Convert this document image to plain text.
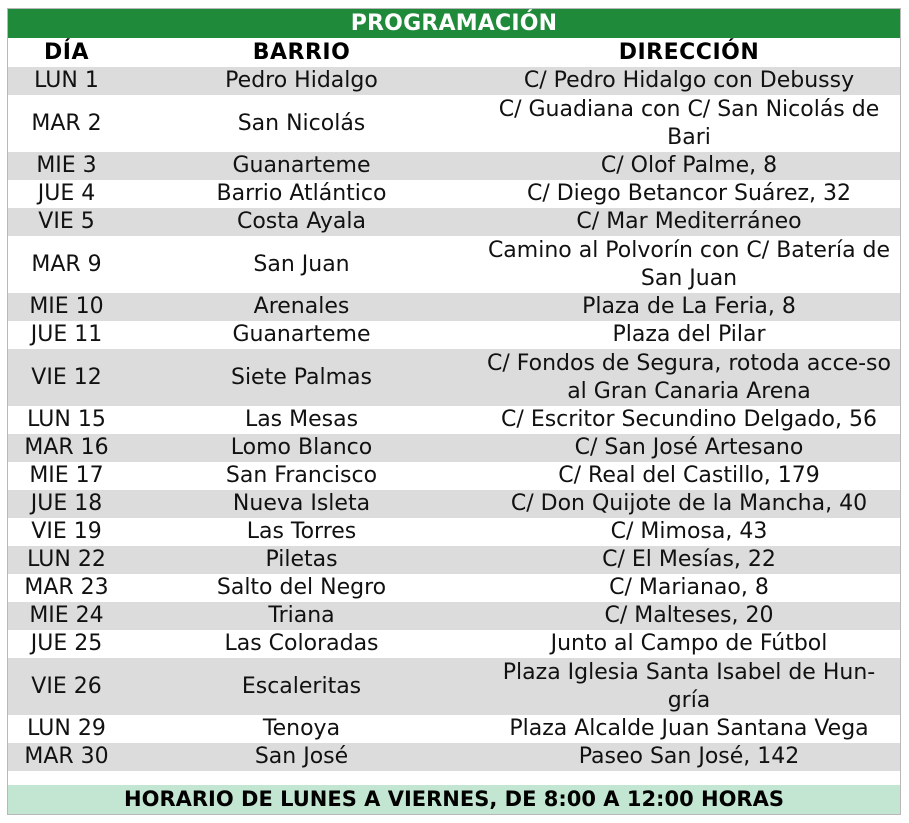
PROGRAMACIÓN
DÍA	BARRIO	DIRECCIÓN
LUN 1	Pedro Hidalgo	C/ Pedro Hidalgo con Debussy
MAR 2	San Nicolás	C/ Guadiana con C/ San Nicolás de Bari
MIE 3	Guanarteme	C/ Olof Palme, 8
JUE 4	Barrio Atlántico	C/ Diego Betancor Suárez, 32
VIE 5	Costa Ayala	C/ Mar Mediterráneo
MAR 9	San Juan	Camino al Polvorín con C/ Batería de San Juan
MIE 10	Arenales	Plaza de La Feria, 8
JUE 11	Guanarteme	Plaza del Pilar
VIE 12	Siete Palmas	C/ Fondos de Segura, rotoda acce-so al Gran Canaria Arena
LUN 15	Las Mesas	C/ Escritor Secundino Delgado, 56
MAR 16	Lomo Blanco	C/ San José Artesano
MIE 17	San Francisco	C/ Real del Castillo, 179
JUE 18	Nueva Isleta	C/ Don Quijote de la Mancha, 40
VIE 19	Las Torres	C/ Mimosa, 43
LUN 22	Piletas	C/ El Mesías, 22
MAR 23	Salto del Negro	C/ Marianao, 8
MIE 24	Triana	C/ Malteses, 20
JUE 25	Las Coloradas	Junto al Campo de Fútbol
VIE 26	Escaleritas	Plaza Iglesia Santa Isabel de Hun-gría
LUN 29	Tenoya	Plaza Alcalde Juan Santana Vega
MAR 30	San José	Paseo San José, 142
HORARIO DE LUNES A VIERNES, DE 8:00 A 12:00 HORAS
